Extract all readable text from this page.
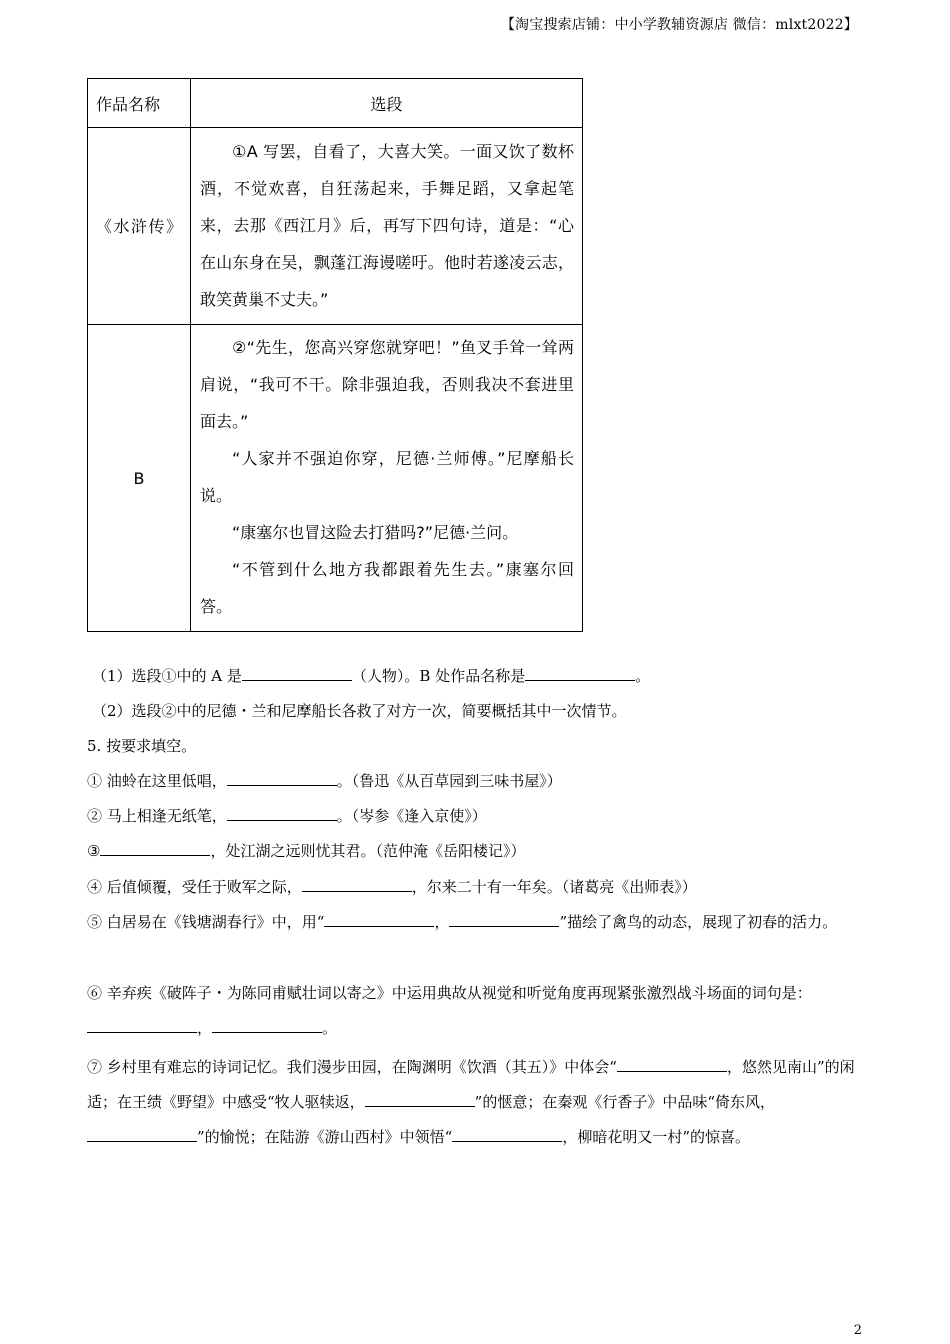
【淘宝搜索店铺：中小学教辅资源店 微信：mlxt2022】
作品名称	选段
《水浒传》	①A 写罢，自看了，大喜大笑。一面又饮了数杯酒，不觉欢喜，自狂荡起来，手舞足蹈，又拿起笔来，去那《西江月》后，再写下四句诗，道是：“心在山东身在吴，飘蓬江海谩嗟吁。他时若遂凌云志，敢笑黄巢不丈夫。”

B	②“先生，您高兴穿您就穿吧！”鱼叉手耸一耸两肩说，“我可不干。除非强迫我，否则我决不套进里面去。”

“人家并不强迫你穿，尼德·兰师傅。”尼摩船长说。

“康塞尔也冒这险去打猎吗?”尼德·兰问。

“不管到什么地方我都跟着先生去。”康塞尔回答。

（1）选段①中的 A 是	（人物）。B 处作品名称是	。

（2）选段②中的尼德・兰和尼摩船长各救了对方一次，简要概括其中一次情节。

5. 按要求填空。

① 油蛉在这里低唱，	。（鲁迅《从百草园到三味书屋》）

② 马上相逢无纸笔，	。（岑参《逢入京使》）

③	，处江湖之远则忧其君。（范仲淹《岳阳楼记》）

④ 后值倾覆，受任于败军之际，	，尔来二十有一年矣。（诸葛亮《出师表》）

⑤ 白居易在《钱塘湖春行》中，用“	，	”描绘了禽鸟的动态，展现了初春的活力。

⑥ 辛弃疾《破阵子・为陈同甫赋壮词以寄之》中运用典故从视觉和听觉角度再现紧张激烈战斗场面的词句是：，	。

⑦ 乡村里有难忘的诗词记忆。我们漫步田园，在陶渊明《饮酒（其五）》中体会“	，悠然见南山”的闲适；在王绩《野望》中感受“牧人驱犊返，	”的惬意；在秦观《行香子》中品味“倚东风，”的愉悦；在陆游《游山西村》中领悟“	，柳暗花明又一村”的惊喜。

2
